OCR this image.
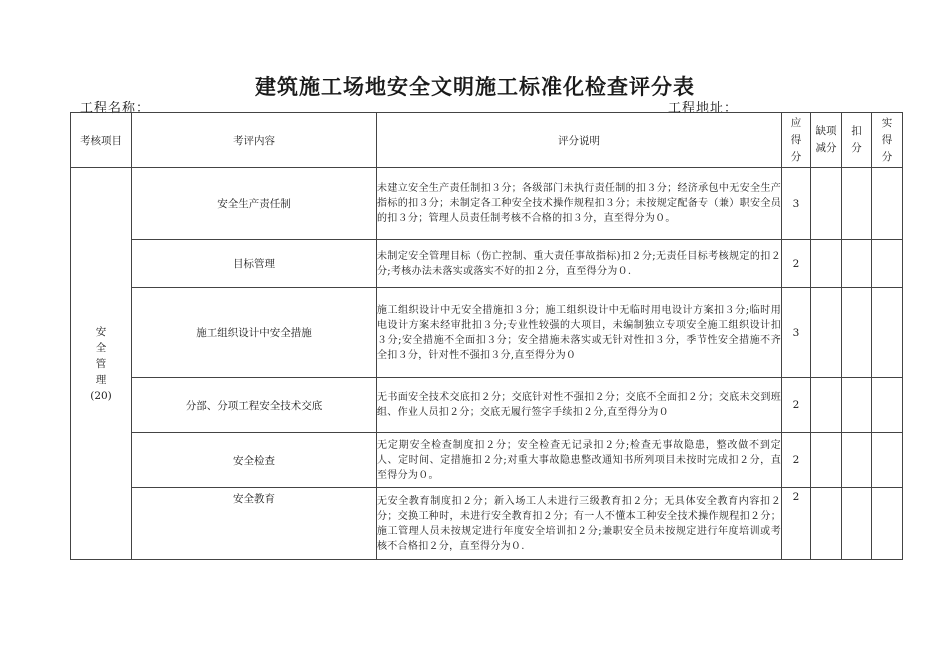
建筑施工场地安全文明施工标准化检查评分表
工程名称：	工程地址：
考核项目	考评内容	评分说明	应得分	缺项减分	扣分	实得分
安全管理
(20)	安全生产责任制	未建立安全生产责任制扣３分；各级部门未执行责任制的扣３分；经济承包中无安全生产指标的扣３分；未制定各工种安全技术操作规程扣３分；未按规定配备专（兼）职安全员的扣３分；管理人员责任制考核不合格的扣３分，直至得分为０。	3			
	目标管理	未制定安全管理目标（伤亡控制、重大责任事故指标)扣２分;无责任目标考核规定的扣２分;考核办法未落实或落实不好的扣２分，直至得分为０.	2			
	施工组织设计中安全措施	施工组织设计中无安全措施扣３分；施工组织设计中无临时用电设计方案扣３分;临时用电设计方案未经审批扣３分;专业性较强的大项目，未编制独立专项安全施工组织设计扣３分;安全措施不全面扣３分；安全措施未落实或无针对性扣３分，季节性安全措施不齐全扣３分，针对性不强扣３分,直至得分为０	3			
	分部、分项工程安全技术交底	无书面安全技术交底扣２分；交底针对性不强扣２分；交底不全面扣２分；交底未交到班组、作业人员扣２分；交底无履行签字手续扣２分,直至得分为０	2			
	安全检查	无定期安全检查制度扣２分；安全检查无记录扣２分;检查无事故隐患，整改做不到定人、定时间、定措施扣２分;对重大事故隐患整改通知书所列项目未按时完成扣２分，直至得分为０。	2			
	安全教育	无安全教育制度扣２分；新入场工人未进行三级教育扣２分；无具体安全教育内容扣２分；交换工种时，未进行安全教育扣２分；有一人不懂本工种安全技术操作规程扣２分；施工管理人员未按规定进行年度安全培训扣２分;兼职安全员未按规定进行年度培训或考核不合格扣２分，直至得分为０.	2			
